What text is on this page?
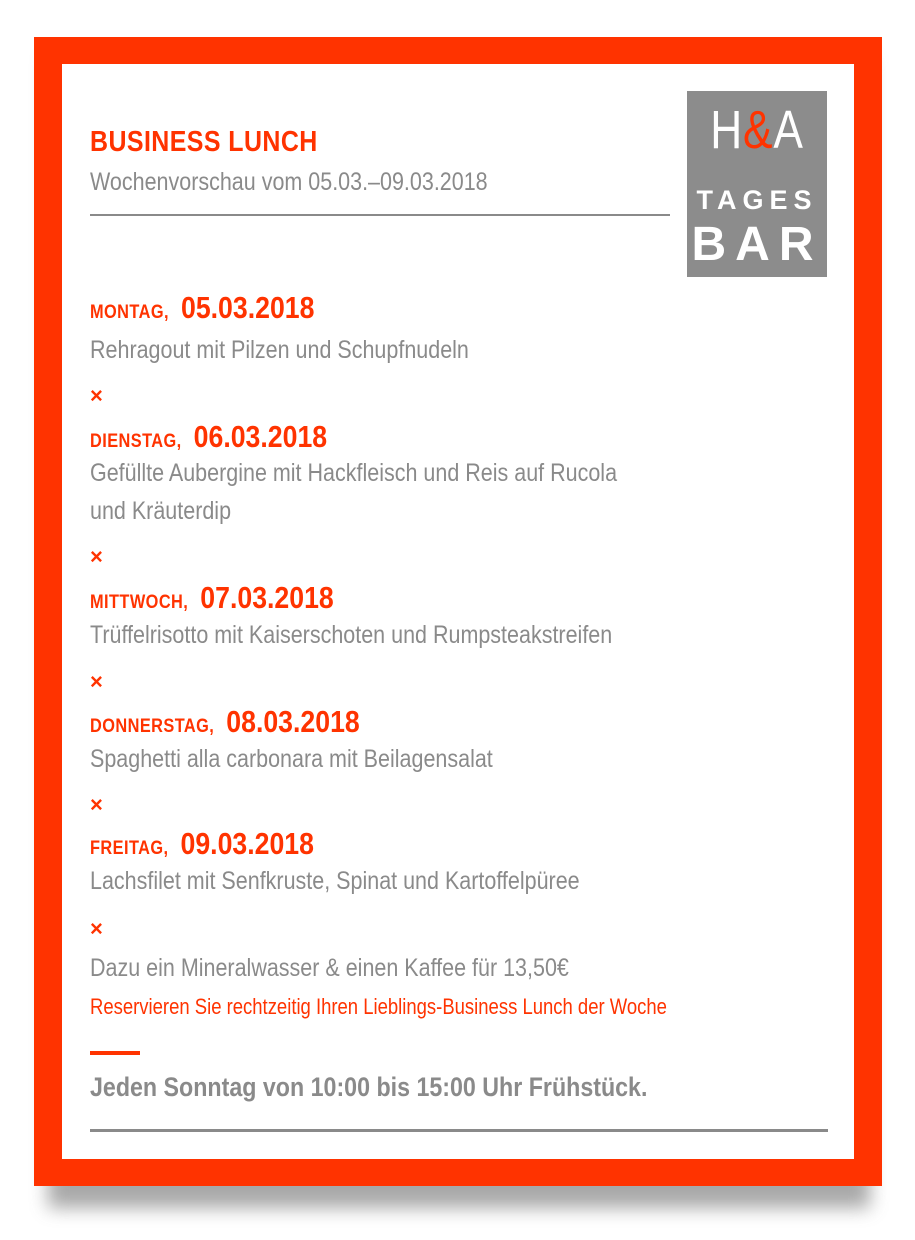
BUSINESS LUNCH
Wochenvorschau vom 05.03.–09.03.2018
H&A
TAGES
BAR
MONTAG, 05.03.2018
Rehragout mit Pilzen und Schupfnudeln
×
DIENSTAG, 06.03.2018
Gefüllte Aubergine mit Hackfleisch und Reis auf Rucola
und Kräuterdip
×
MITTWOCH, 07.03.2018
Trüffelrisotto mit Kaiserschoten und Rumpsteakstreifen
×
DONNERSTAG, 08.03.2018
Spaghetti alla carbonara mit Beilagensalat
×
FREITAG, 09.03.2018
Lachsfilet mit Senfkruste, Spinat und Kartoffelpüree
×
Dazu ein Mineralwasser & einen Kaffee für 13,50€
Reservieren Sie rechtzeitig Ihren Lieblings-Business Lunch der Woche
Jeden Sonntag von 10:00 bis 15:00 Uhr Frühstück.
